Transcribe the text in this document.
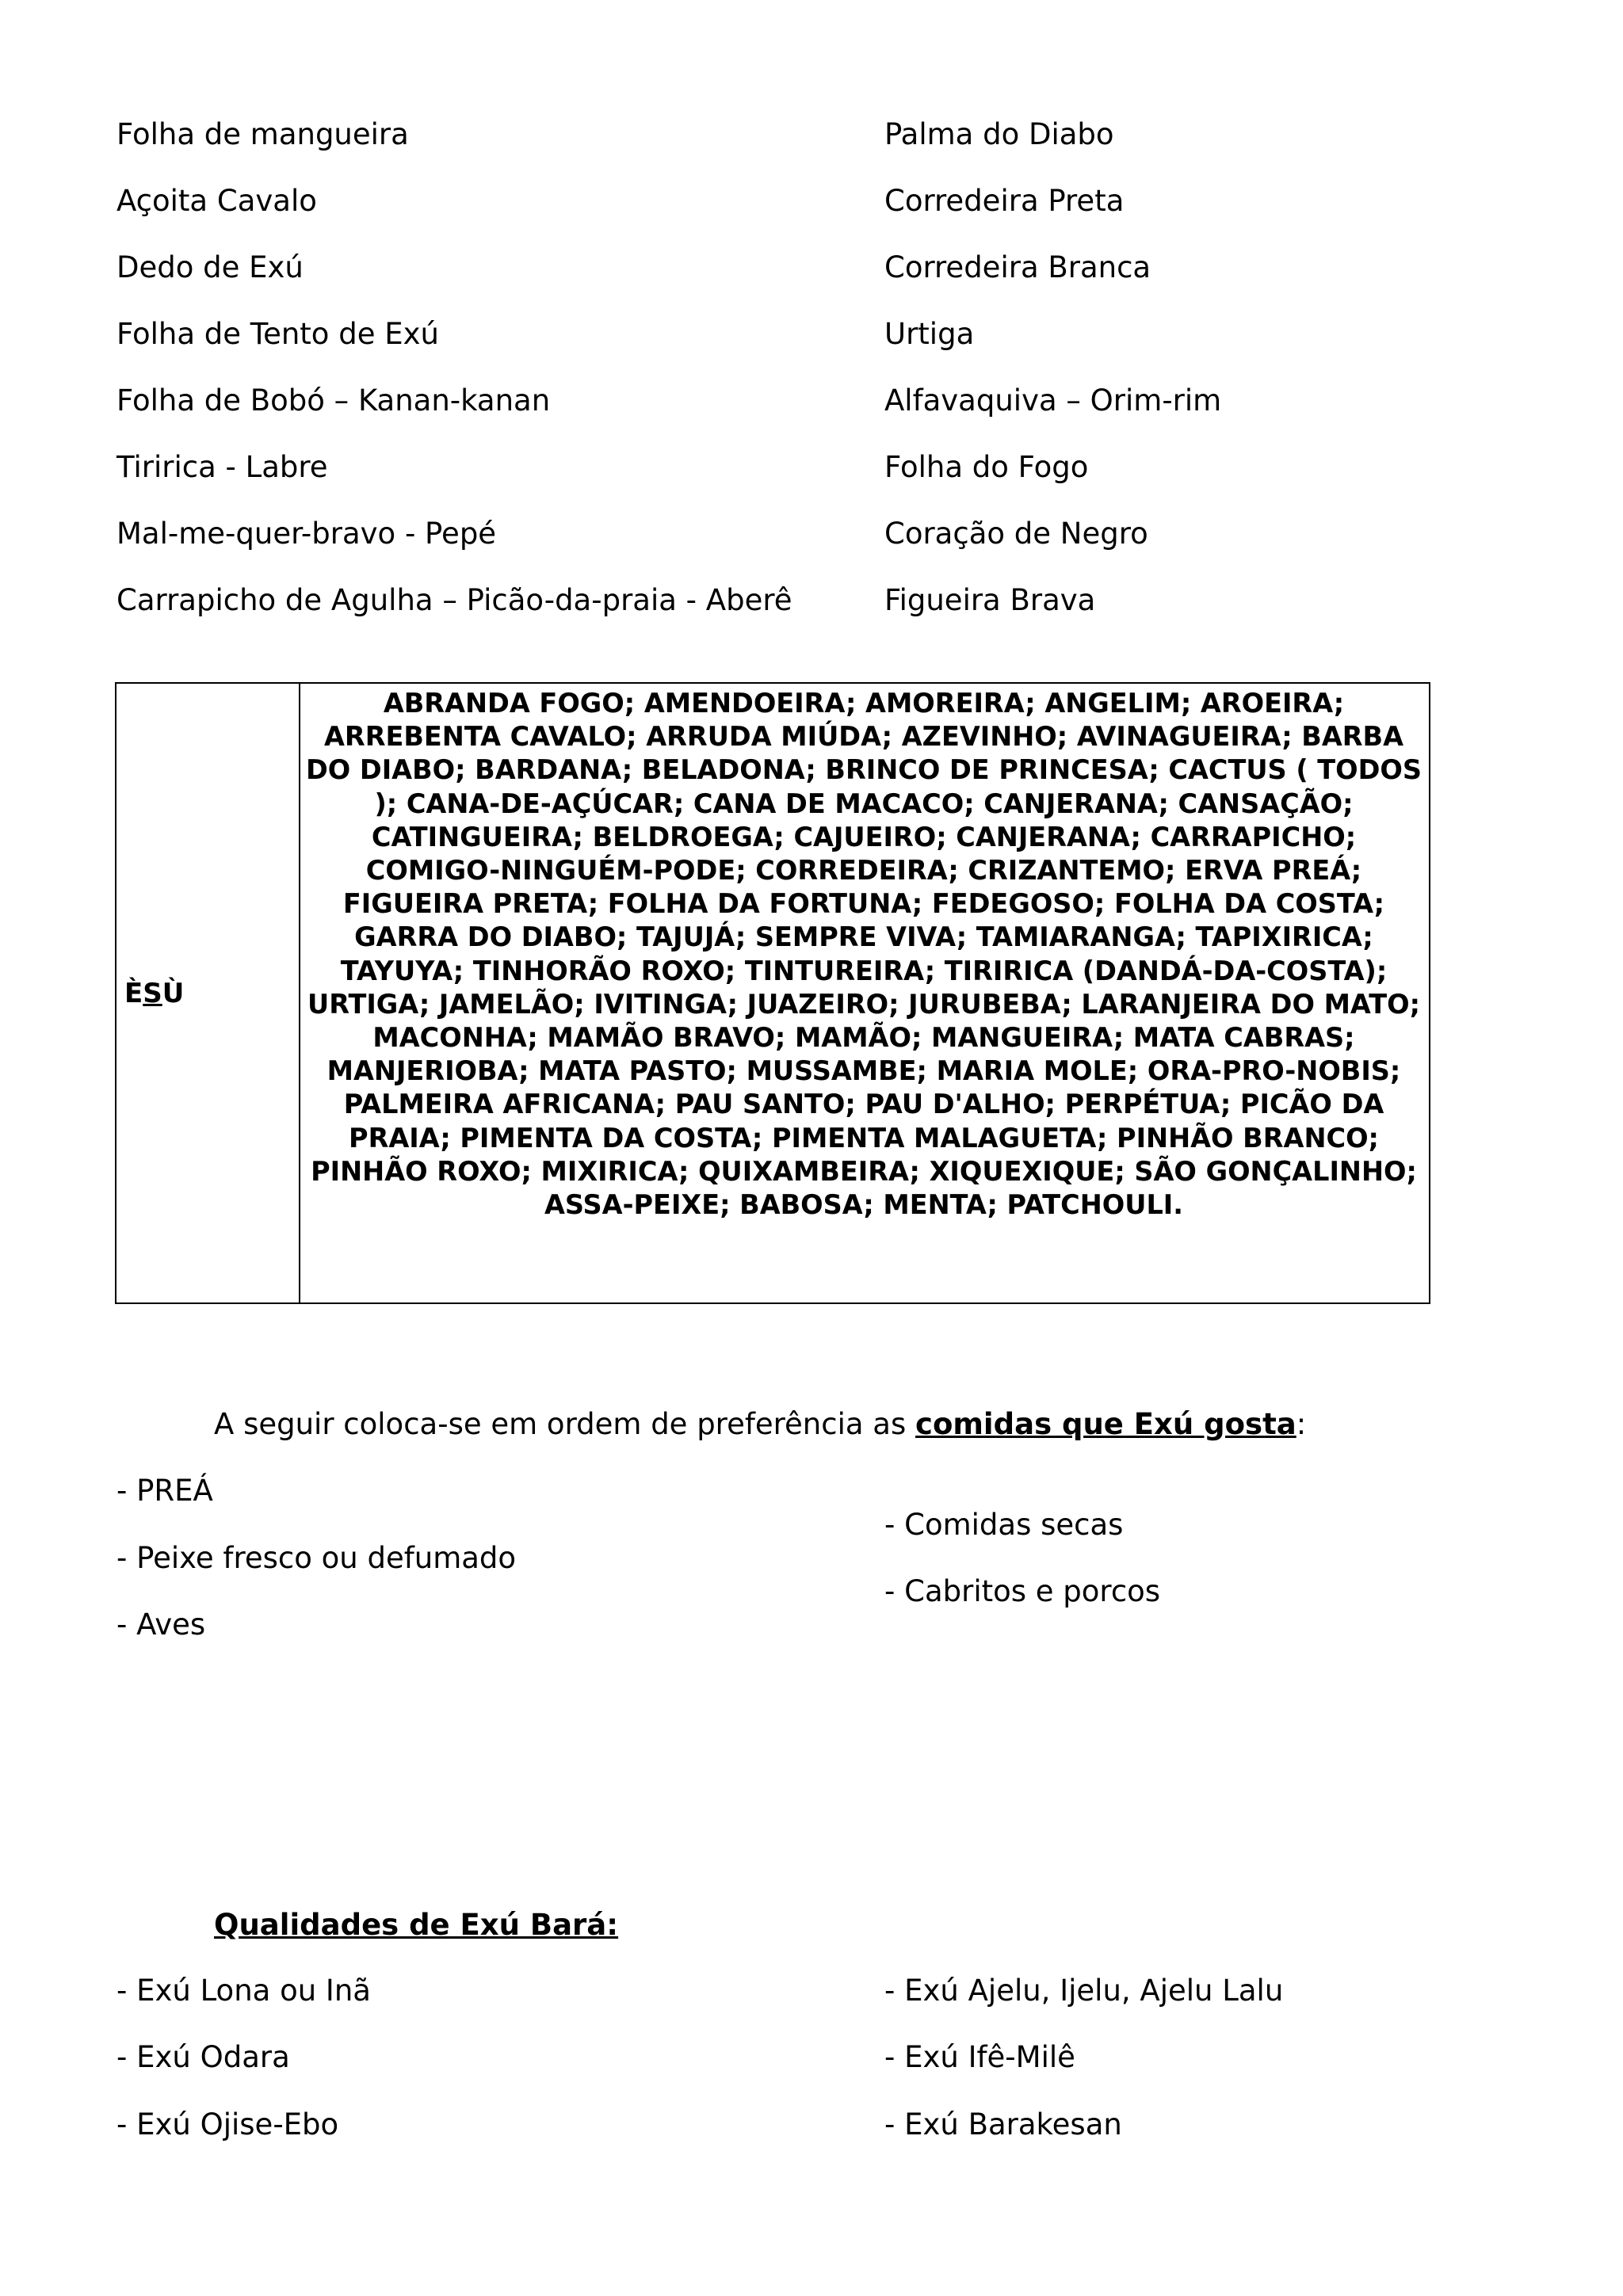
Folha de mangueira
Açoita Cavalo
Dedo de Exú
Folha de Tento de Exú
Folha de Bobó – Kanan-kanan
Tiririca - Labre
Mal-me-quer-bravo - Pepé
Carrapicho de Agulha – Picão-da-praia - Aberê
Palma do Diabo
Corredeira Preta
Corredeira Branca
Urtiga
Alfavaquiva – Orim-rim
Folha do Fogo
Coração de Negro
Figueira Brava
È S Ù
ABRANDA FOGO; AMENDOEIRA; AMOREIRA; ANGELIM; AROEIRA; ARREBENTA CAVALO; ARRUDA MIÚDA; AZEVINHO; AVINAGUEIRA; BARBA DO DIABO; BARDANA; BELADONA; BRINCO DE PRINCESA; CACTUS ( TODOS ); CANA-DE-AÇÚCAR; CANA DE MACACO; CANJERANA; CANSAÇÃO; CATINGUEIRA; BELDROEGA; CAJUEIRO; CANJERANA; CARRAPICHO; COMIGO-NINGUÉM-PODE; CORREDEIRA; CRIZANTEMO; ERVA PREÁ; FIGUEIRA PRETA; FOLHA DA FORTUNA; FEDEGOSO; FOLHA DA COSTA; GARRA DO DIABO; TAJUJÁ; SEMPRE VIVA; TAMIARANGA; TAPIXIRICA; TAYUYA; TINHORÃO ROXO; TINTUREIRA; TIRIRICA (DANDÁ-DA-COSTA); URTIGA; JAMELÃO; IVITINGA; JUAZEIRO; JURUBEBA; LARANJEIRA DO MATO; MACONHA; MAMÃO BRAVO; MAMÃO; MANGUEIRA; MATA CABRAS; MANJERIOBA; MATA PASTO; MUSSAMBE; MARIA MOLE; ORA-PRO-NOBIS; PALMEIRA AFRICANA; PAU SANTO; PAU D'ALHO; PERPÉTUA; PICÃO DA PRAIA; PIMENTA DA COSTA; PIMENTA MALAGUETA; PINHÃO BRANCO; PINHÃO ROXO; MIXIRICA; QUIXAMBEIRA; XIQUEXIQUE; SÃO GONÇALINHO; ASSA-PEIXE; BABOSA; MENTA; PATCHOULI.
A seguir coloca-se em ordem de preferência as comidas que Exú gosta:
- PREÁ
- Peixe fresco ou defumado
- Aves
- Comidas secas
- Cabritos e porcos
Qualidades de Exú Bará:
- Exú Lona ou Inã
- Exú Odara
- Exú Ojise-Ebo
- Exú Ajelu, Ijelu, Ajelu Lalu
- Exú Ifê-Milê
- Exú Barakesan
